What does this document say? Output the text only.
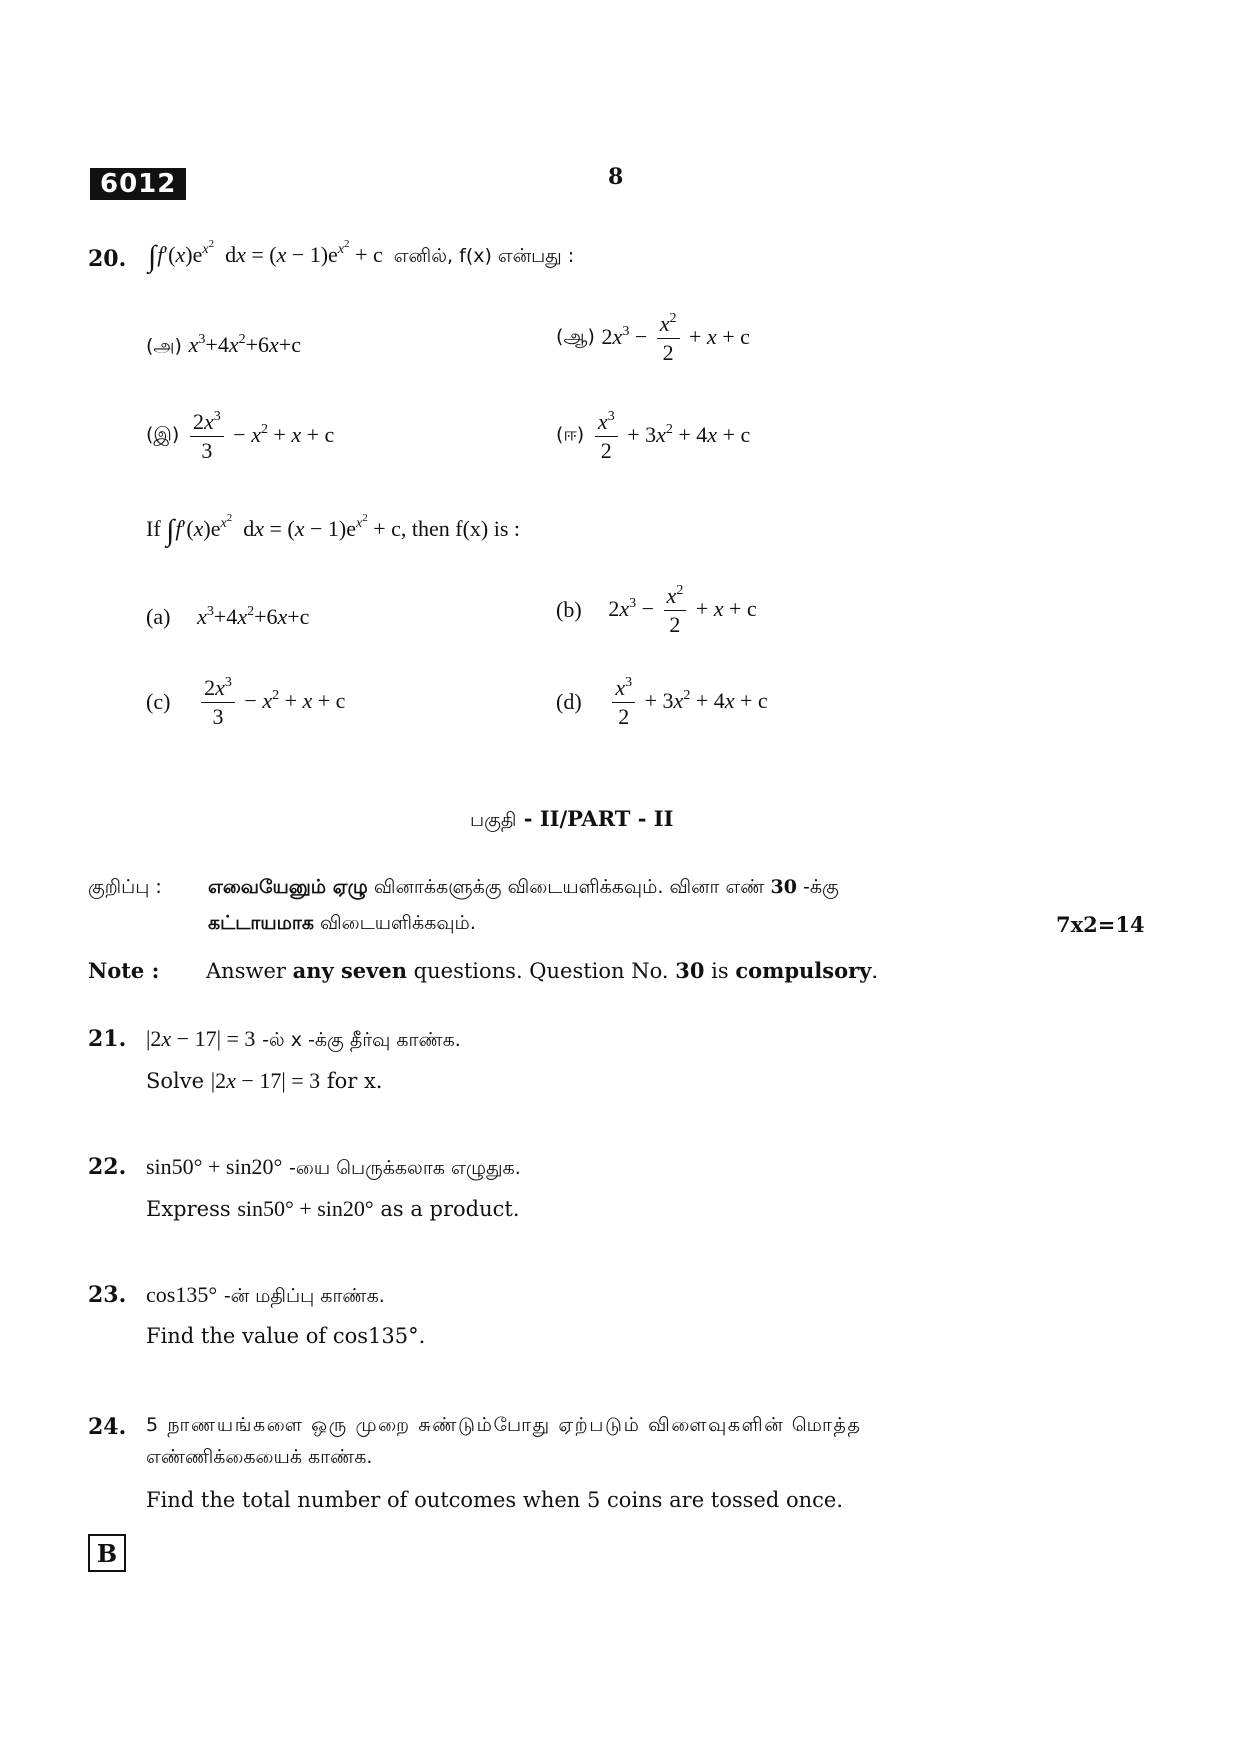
6012	8
20. $\int f'(x)e^{x^2}$  dx = $(x - 1)e^{x^2} + c$  எனில், f(x) என்பது :
(அ) $x^3+4x^2+6x+c$	(ஆ) $2x^3 - \frac{x^2}{2} + x + c$
(இ) $\frac{2x^3}{3} - x^2 + x + c$	(ஈ) $\frac{x^3}{2} + 3x^2 + 4x + c$
If $\int f'(x)e^{x^2}$  dx = $(x - 1)e^{x^2} + c$, then f(x) is :
(a) $x^3+4x^2+6x+c$	(b) $2x^3 - \frac{x^2}{2} + x + c$
$(c) \frac{2x^3}{3} - x^2 + x + c$	$(d) \frac{x^3}{2} + 3x^2 + 4x + c$
பகுதி - II/PART - II
குறிப்பு : எவையேனும் ஏழு வினாக்களுக்கு விடையளிக்கவும். வினா எண் 30 -க்கு
கட்டாயமாக விடையளிக்கவும்.	7x2=14
Note : Answer any seven questions. Question No. 30 is compulsory.
21. |2x − 17| = 3 -ல் x -க்கு தீர்வு காண்க.
Solve |2x − 17| = 3 for x.
22. sin50° + sin20° -யை பெருக்கலாக எழுதுக.
Express sin50° + sin20° as a product.
23. cos135° -ன் மதிப்பு காண்க.
Find the value of cos135°.
24. 5 நாணயங்களை ஒரு முறை சுண்டும்போது ஏற்படும் விளைவுகளின் மொத்த
எண்ணிக்கையைக் காண்க.
Find the total number of outcomes when 5 coins are tossed once.
B
